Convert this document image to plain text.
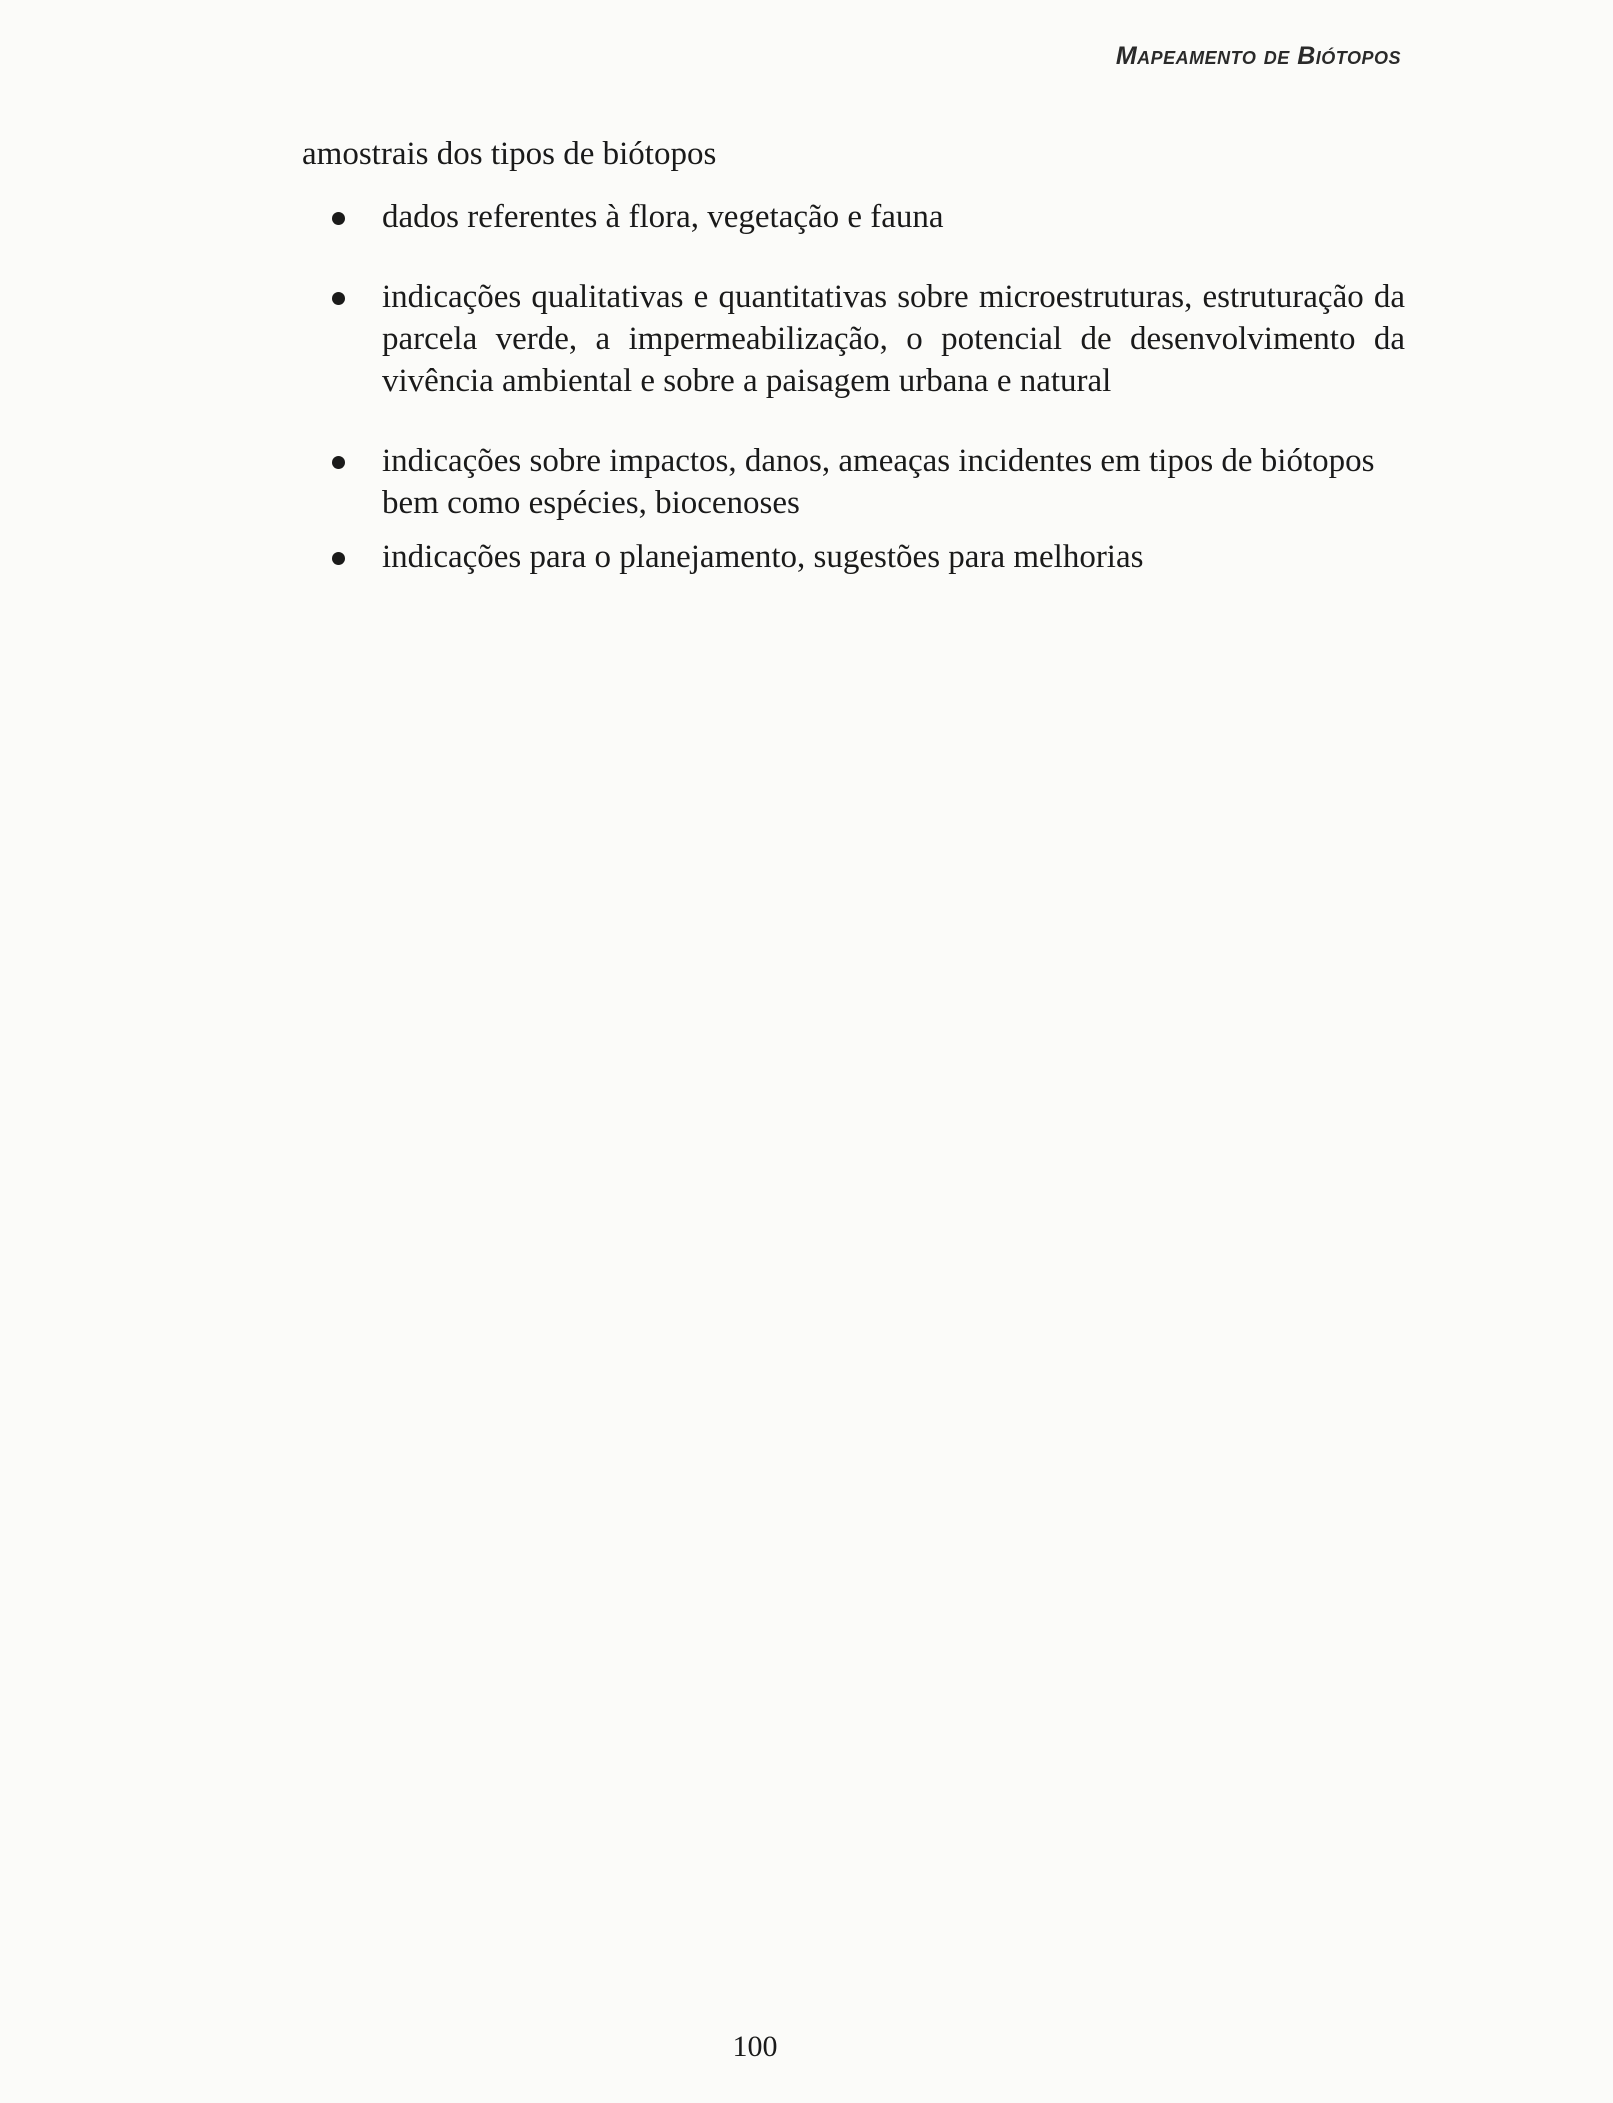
Mapeamento de Biótopos

amostrais dos tipos de biótopos

dados referentes à flora, vegetação e fauna
indicações qualitativas e quantitativas sobre microestruturas, estruturação da parcela verde, a impermeabilização, o potencial de desenvolvimento da vivência ambiental e sobre a paisagem urbana e natural
indicações sobre impactos, danos, ameaças incidentes em tipos de biótopos bem como espécies, biocenoses
indicações para o planejamento, sugestões para melhorias
100
